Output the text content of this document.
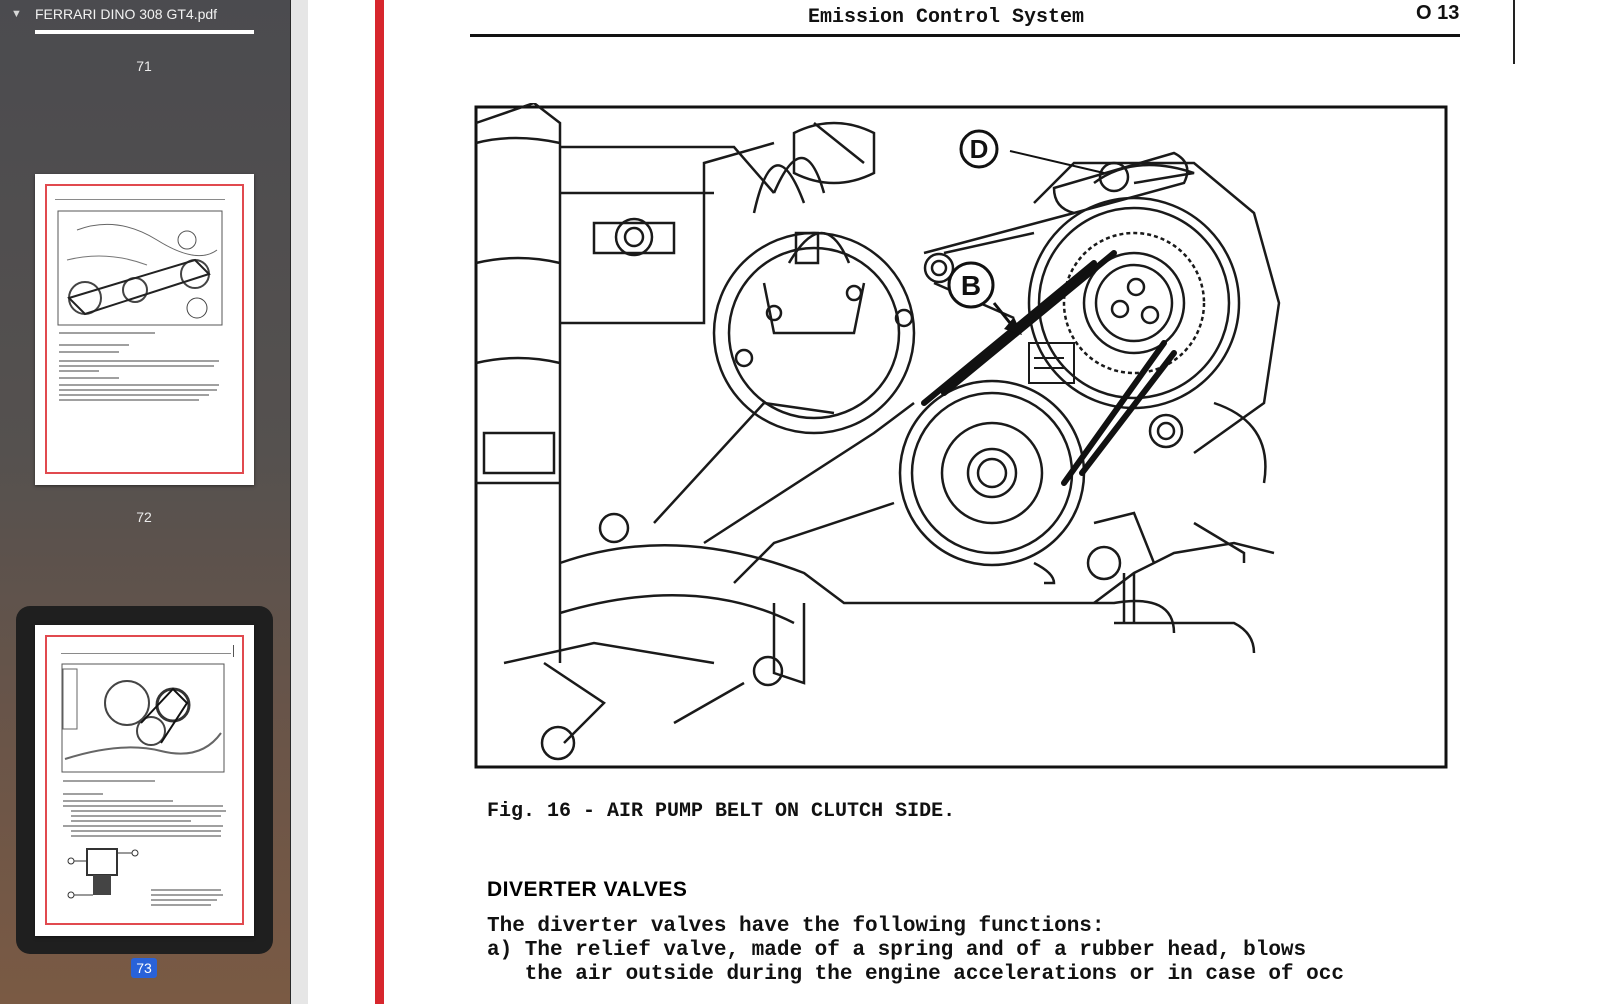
▼ FERRARI DINO 308 GT4.pdf
71
72
73
Emission Control System	O 13
D
B
Fig. 16 - AIR PUMP BELT ON CLUTCH SIDE.
DIVERTER VALVES
The diverter valves have the following functions:
a) The relief valve, made of a spring and of a rubber head, blows
the air outside during the engine accelerations or in case of occ
